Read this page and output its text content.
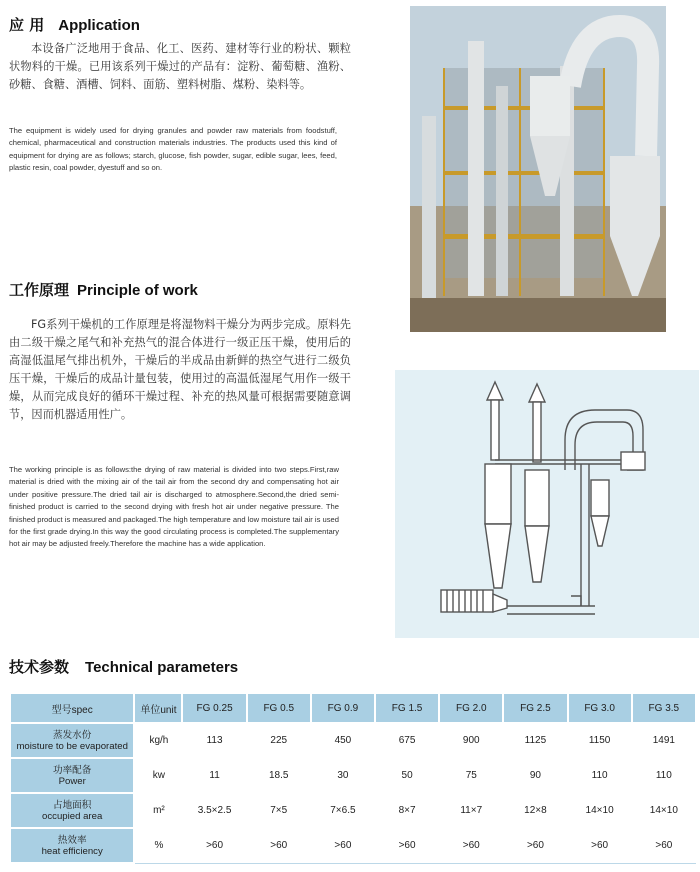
应 用 Application
本设备广泛地用于食品、化工、医药、建材等行业的粉状、颗粒状物料的干燥。已用该系列干燥过的产品有：淀粉、葡萄糖、渔粉、砂糖、食糖、酒槽、饲料、面筋、塑料树脂、煤粉、染料等。
The equipment is widely used for drying granules and powder raw materials from foodstuff, chemical, pharmaceutical and construction materials industries. The products used this kind of equipment for drying are as follows; starch, glucose, fish powder, sugar, edible sugar, lees, feed, plastic resin, coal powder, dyestuff and so on.
工作原理 Principle of work
FG系列干燥机的工作原理是将湿物料干燥分为两步完成。原料先由二级干燥之尾气和补充热气的混合体进行一级正压干燥，使用后的高湿低温尾气排出机外，干燥后的半成品由新鲜的热空气进行二级负压干燥，干燥后的成品计量包装，使用过的高温低湿尾气用作一级干燥，从而完成良好的循环干燥过程、补充的热风量可根据需要随意调节，因而机器适用性广。
The working principle is as follows:the drying of raw material is divided into two steps.First,raw material is dried with the mixing air of the tail air from the second dry and compensating hot air under positive pressure.The dried tail air is discharged to atmosphere.Second,the dried semi-finished product is carried to the second drying with fresh hot air under negative pressure. The finished product is measured and packaged.The high temperature and low moisture tail air is used for the first grade drying.In this way the good circulating process is completed.The supplementary hot air may be adjusted freely.Therefore the machine has a wide application.
技术参数 Technical parameters
型号spec	单位unit	FG 0.25	FG 0.5	FG 0.9	FG 1.5	FG 2.0	FG 2.5	FG 3.0	FG 3.5

蒸发水份
moisture to be evaporated	kg/h	113	225	450	675	900	1125	1150	1491

功率配备
Power	kw	11	18.5	30	50	75	90	110	110

占地面积
occupied area	m²	3.5×2.5	7×5	7×6.5	8×7	11×7	12×8	14×10	14×10

热效率
heat efficiency	%	>60	>60	>60	>60	>60	>60	>60	>60
